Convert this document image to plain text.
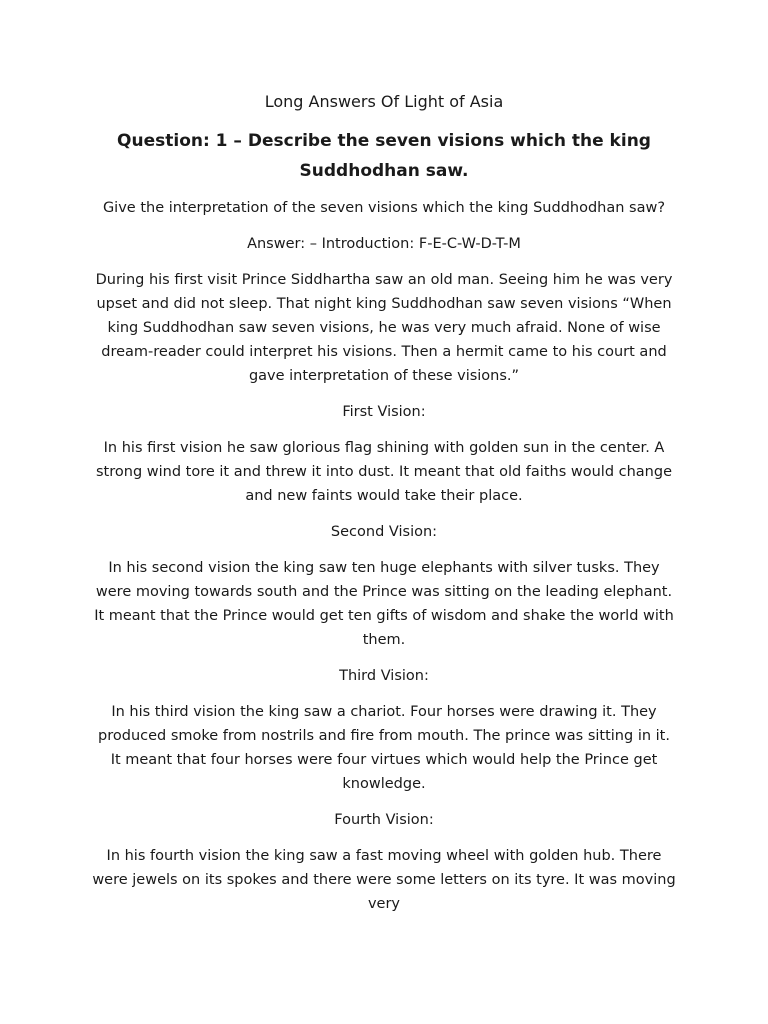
Long Answers Of Light of Asia
Question: 1 – Describe the seven visions which the king Suddhodhan saw.
Give the interpretation of the seven visions which the king Suddhodhan saw?
Answer: – Introduction: F-E-C-W-D-T-M
During his first visit Prince Siddhartha saw an old man. Seeing him he was very upset and did not sleep. That night king Suddhodhan saw seven visions “When king Suddhodhan saw seven visions, he was very much afraid. None of wise dream-reader could interpret his visions. Then a hermit came to his court and gave interpretation of these visions.”
First Vision:
In his first vision he saw glorious flag shining with golden sun in the center. A strong wind tore it and threw it into dust. It meant that old faiths would change and new faints would take their place.
Second Vision:
In his second vision the king saw ten huge elephants with silver tusks. They were moving towards south and the Prince was sitting on the leading elephant. It meant that the Prince would get ten gifts of wisdom and shake the world with them.
Third Vision:
In his third vision the king saw a chariot. Four horses were drawing it. They produced smoke from nostrils and fire from mouth. The prince was sitting in it. It meant that four horses were four virtues which would help the Prince get knowledge.
Fourth Vision:
In his fourth vision the king saw a fast moving wheel with golden hub. There were jewels on its spokes and there were some letters on its tyre. It was moving very
